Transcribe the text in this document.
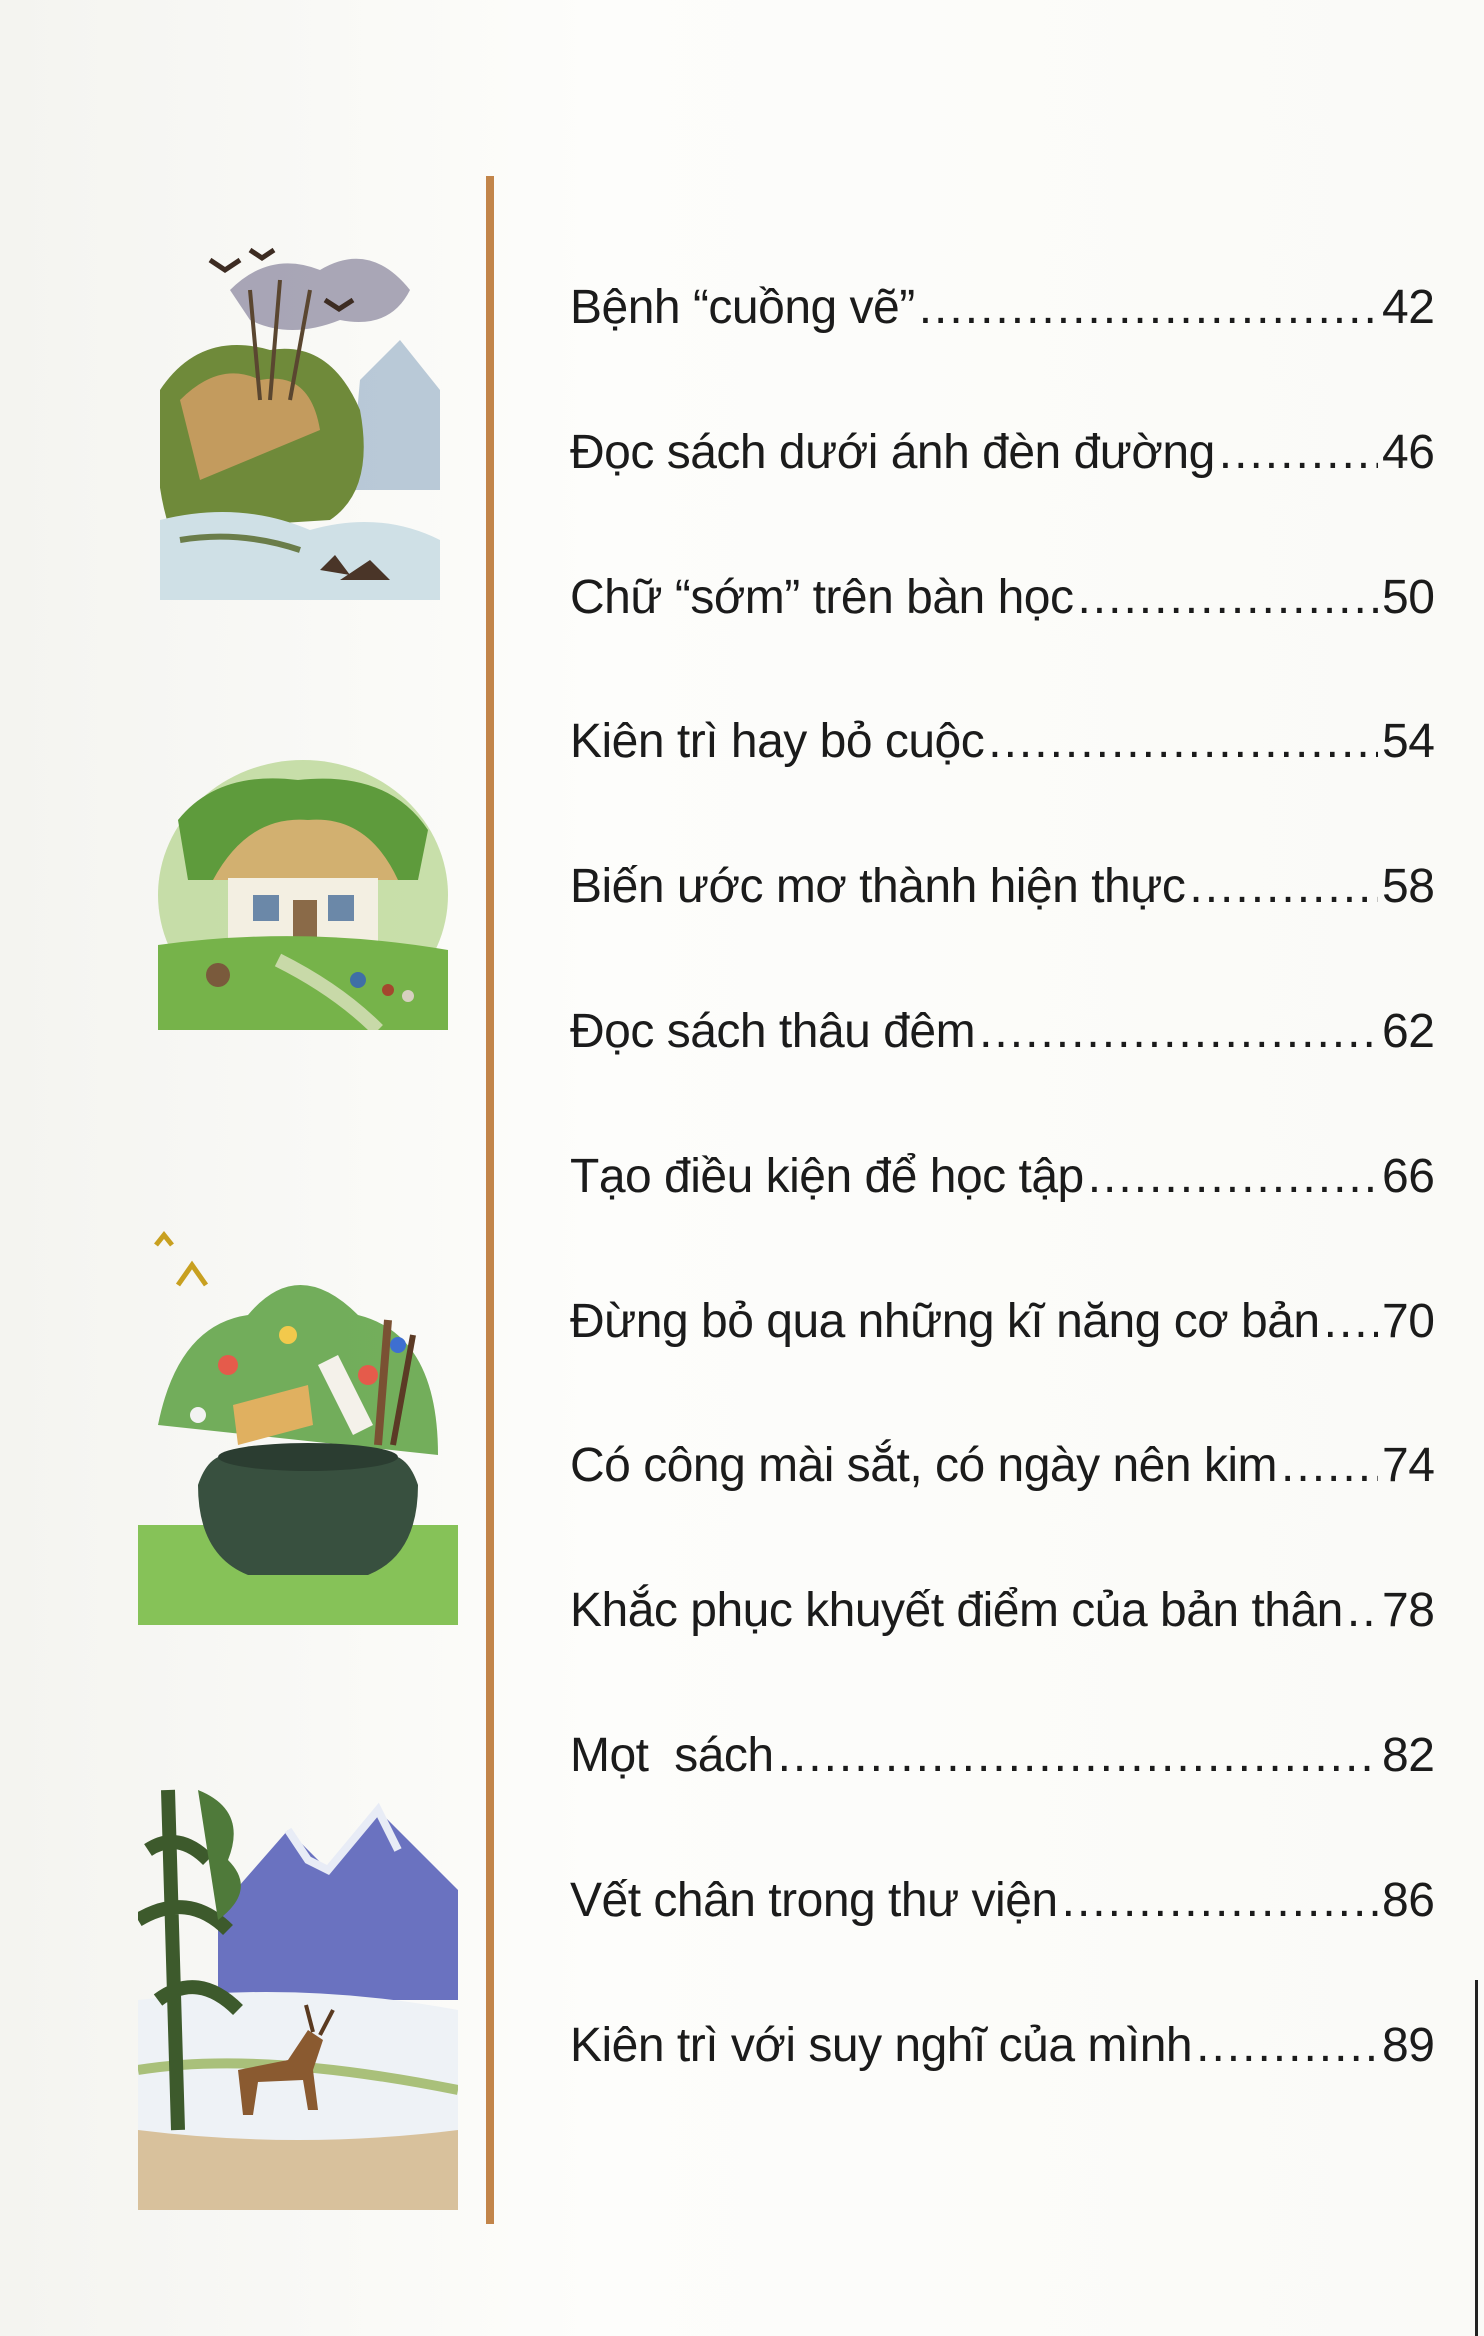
Bệnh “cuồng vẽ” .....	42
Đọc sách dưới ánh đèn đường .....	46
Chữ “sớm” trên bàn học .....	50
Kiên trì hay bỏ cuộc .....	54
Biến ước mơ thành hiện thực .....	58
Đọc sách thâu đêm .....	62
Tạo điều kiện để học tập .....	66
Đừng bỏ qua những kĩ năng cơ bản ..... 70
Có công mài sắt, có ngày nên kim ..... 74
Khắc phục khuyết điểm của bản thân ..... 78
Mọt  sách .....	82
Vết chân trong thư viện .....	86
Kiên trì với suy nghĩ của mình .....	89
